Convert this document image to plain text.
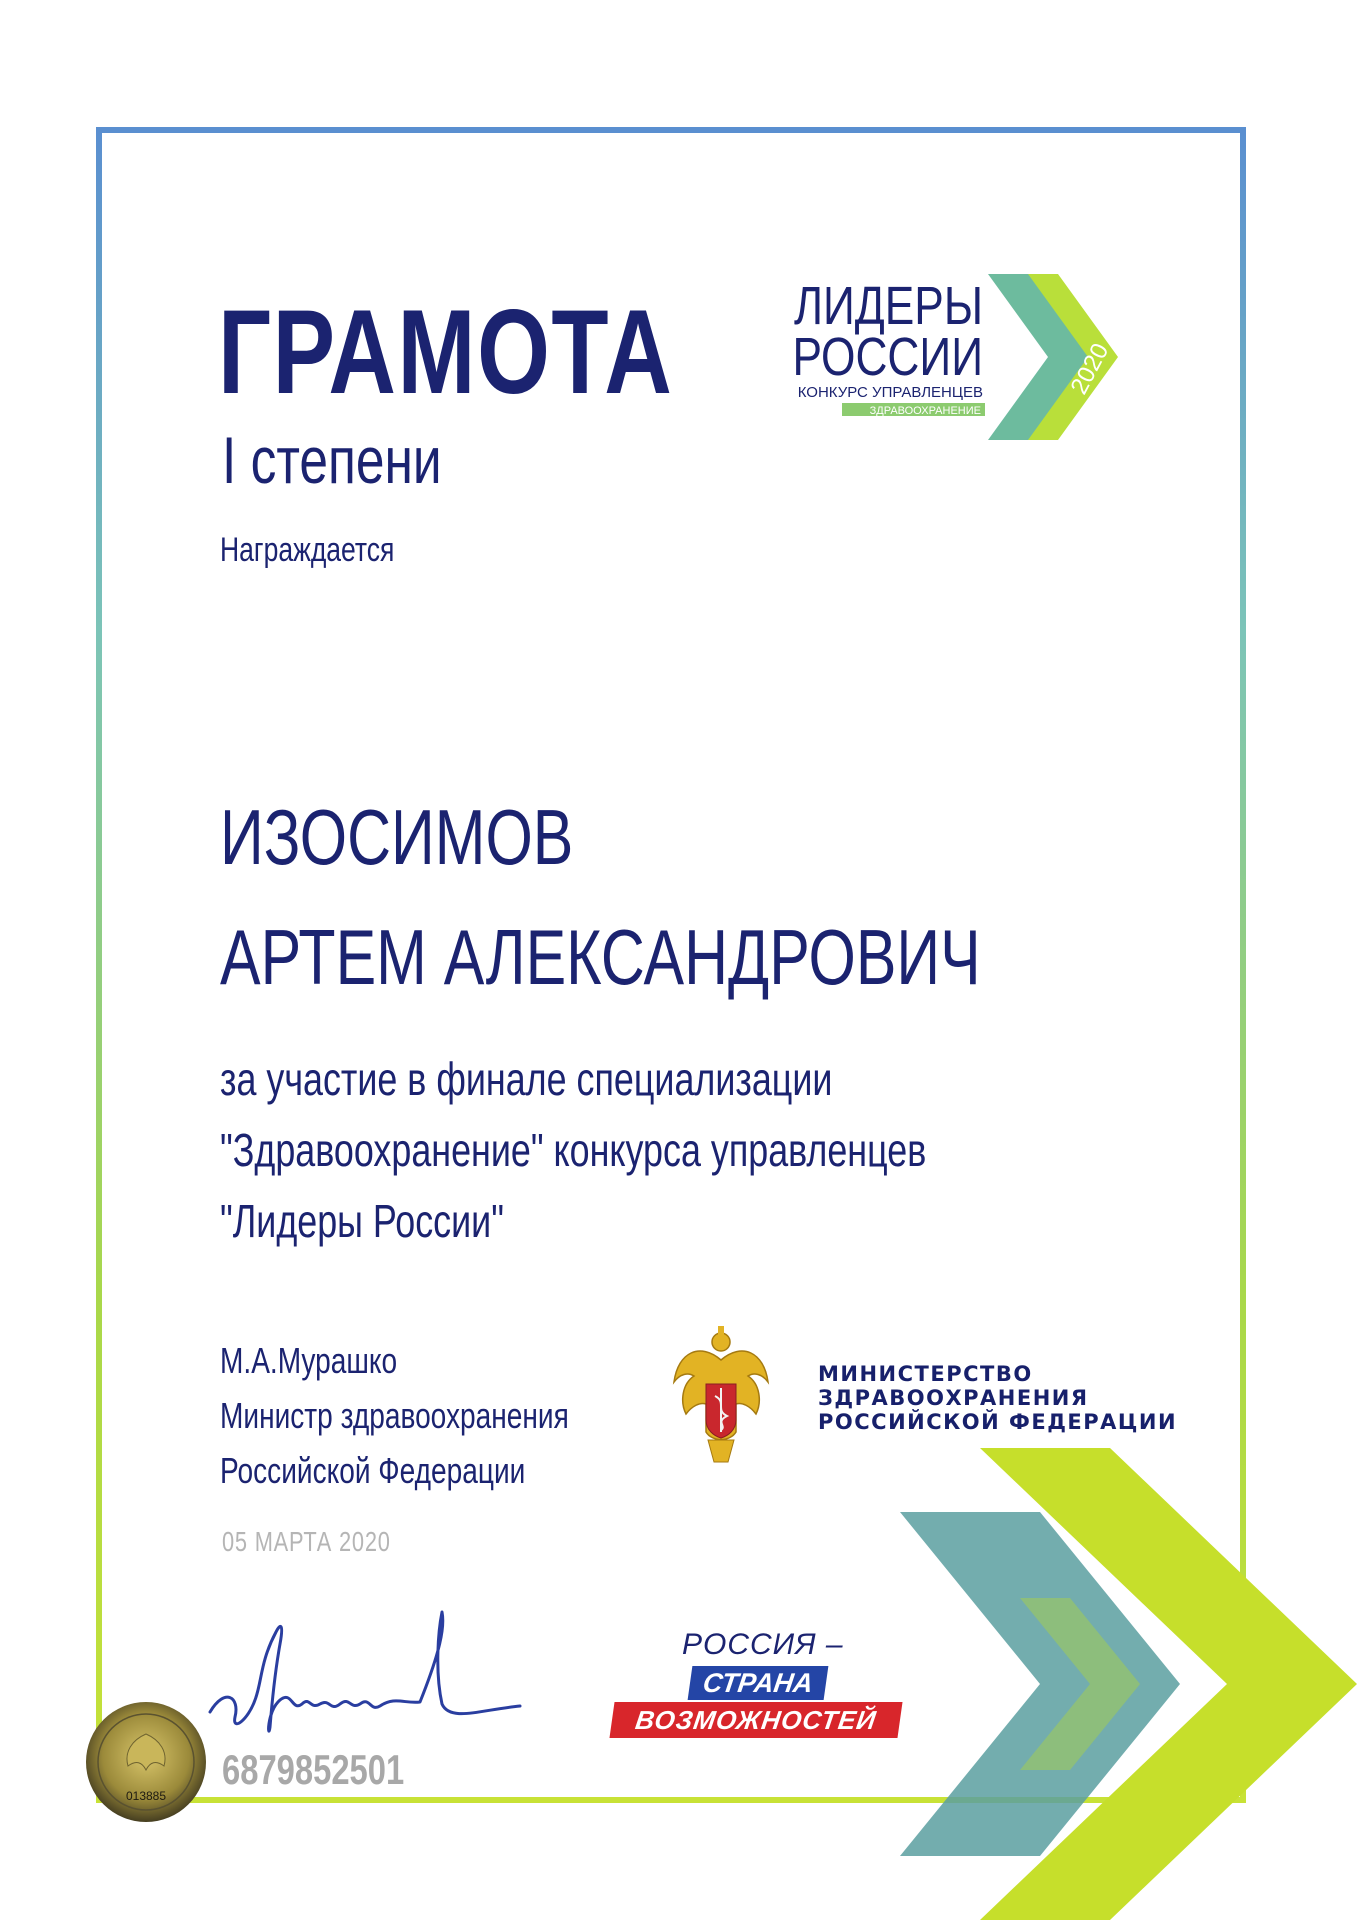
ГРАМОТА
I степени
Награждается
ИЗОСИМОВ
АРТЕМ АЛЕКСАНДРОВИЧ
за участие в финале специализации
"Здравоохранение" конкурса управленцев
"Лидеры России"
М.А.Мурашко
Министр здравоохранения
Российской Федерации
05 МАРТА 2020
ЛИДЕРЫ
РОССИИ
КОНКУРС УПРАВЛЕНЦЕВ
ЗДРАВООХРАНЕНИЕ
2020
МИНИСТЕРСТВО
ЗДРАВООХРАНЕНИЯ
РОССИЙСКОЙ ФЕДЕРАЦИИ
013885
6879852501
РОССИЯ –
СТРАНА
ВОЗМОЖНОСТЕЙ
